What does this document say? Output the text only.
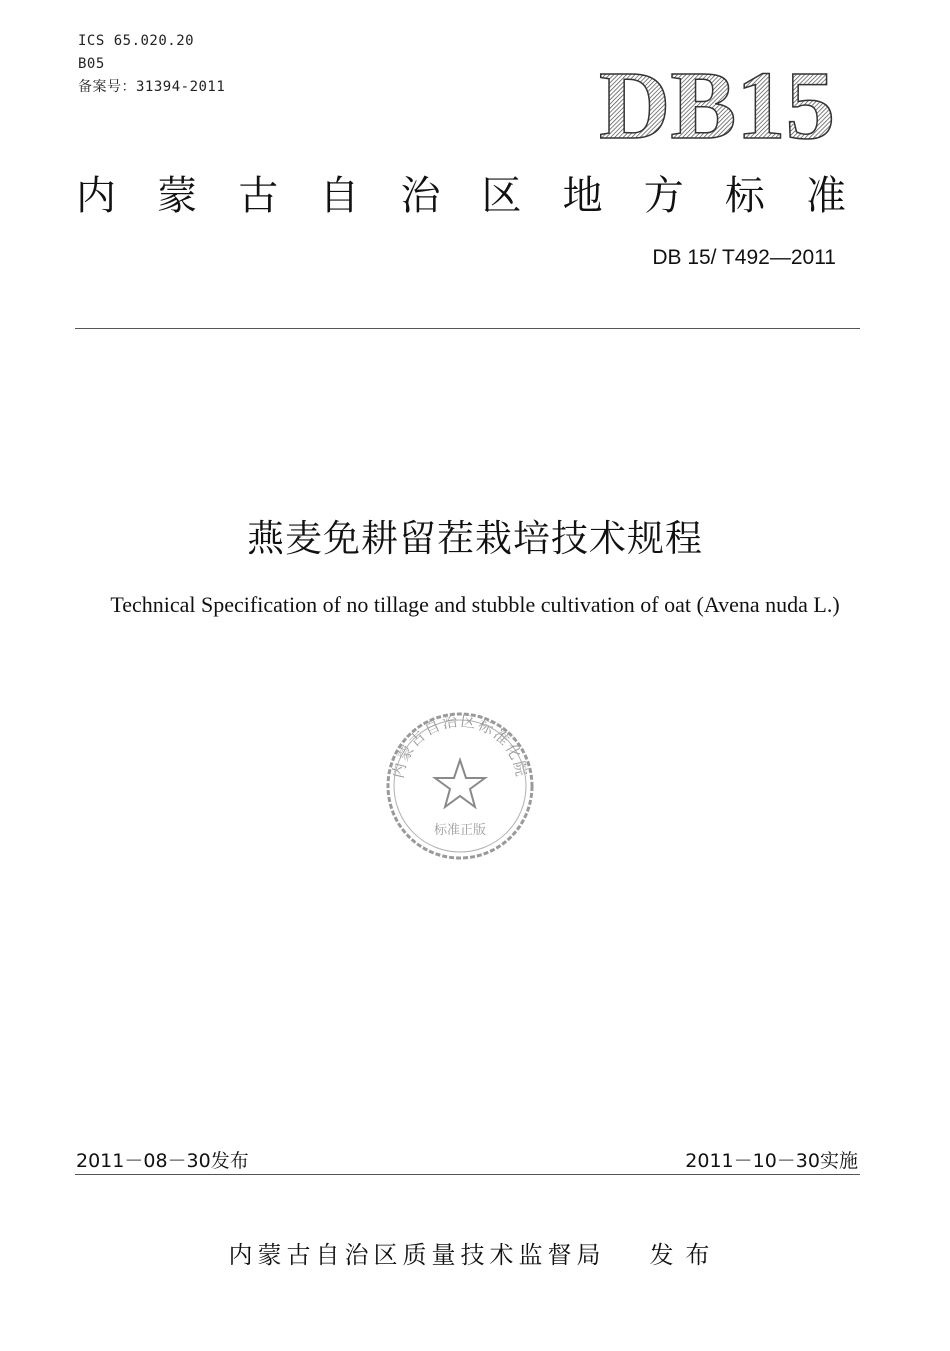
ICS 65.020.20
B05
备案号：31394-2011	DB15
内 蒙 古 自 治 区 地 方 标 准
DB 15/ T492—2011
燕麦免耕留茬栽培技术规程
Technical Specification of no tillage and stubble cultivation of oat (Avena nuda L.)
内蒙古自治区标准化院
标准正版
2011－08－30发布	2011－10－30实施
内蒙古自治区质量技术监督局 发布
